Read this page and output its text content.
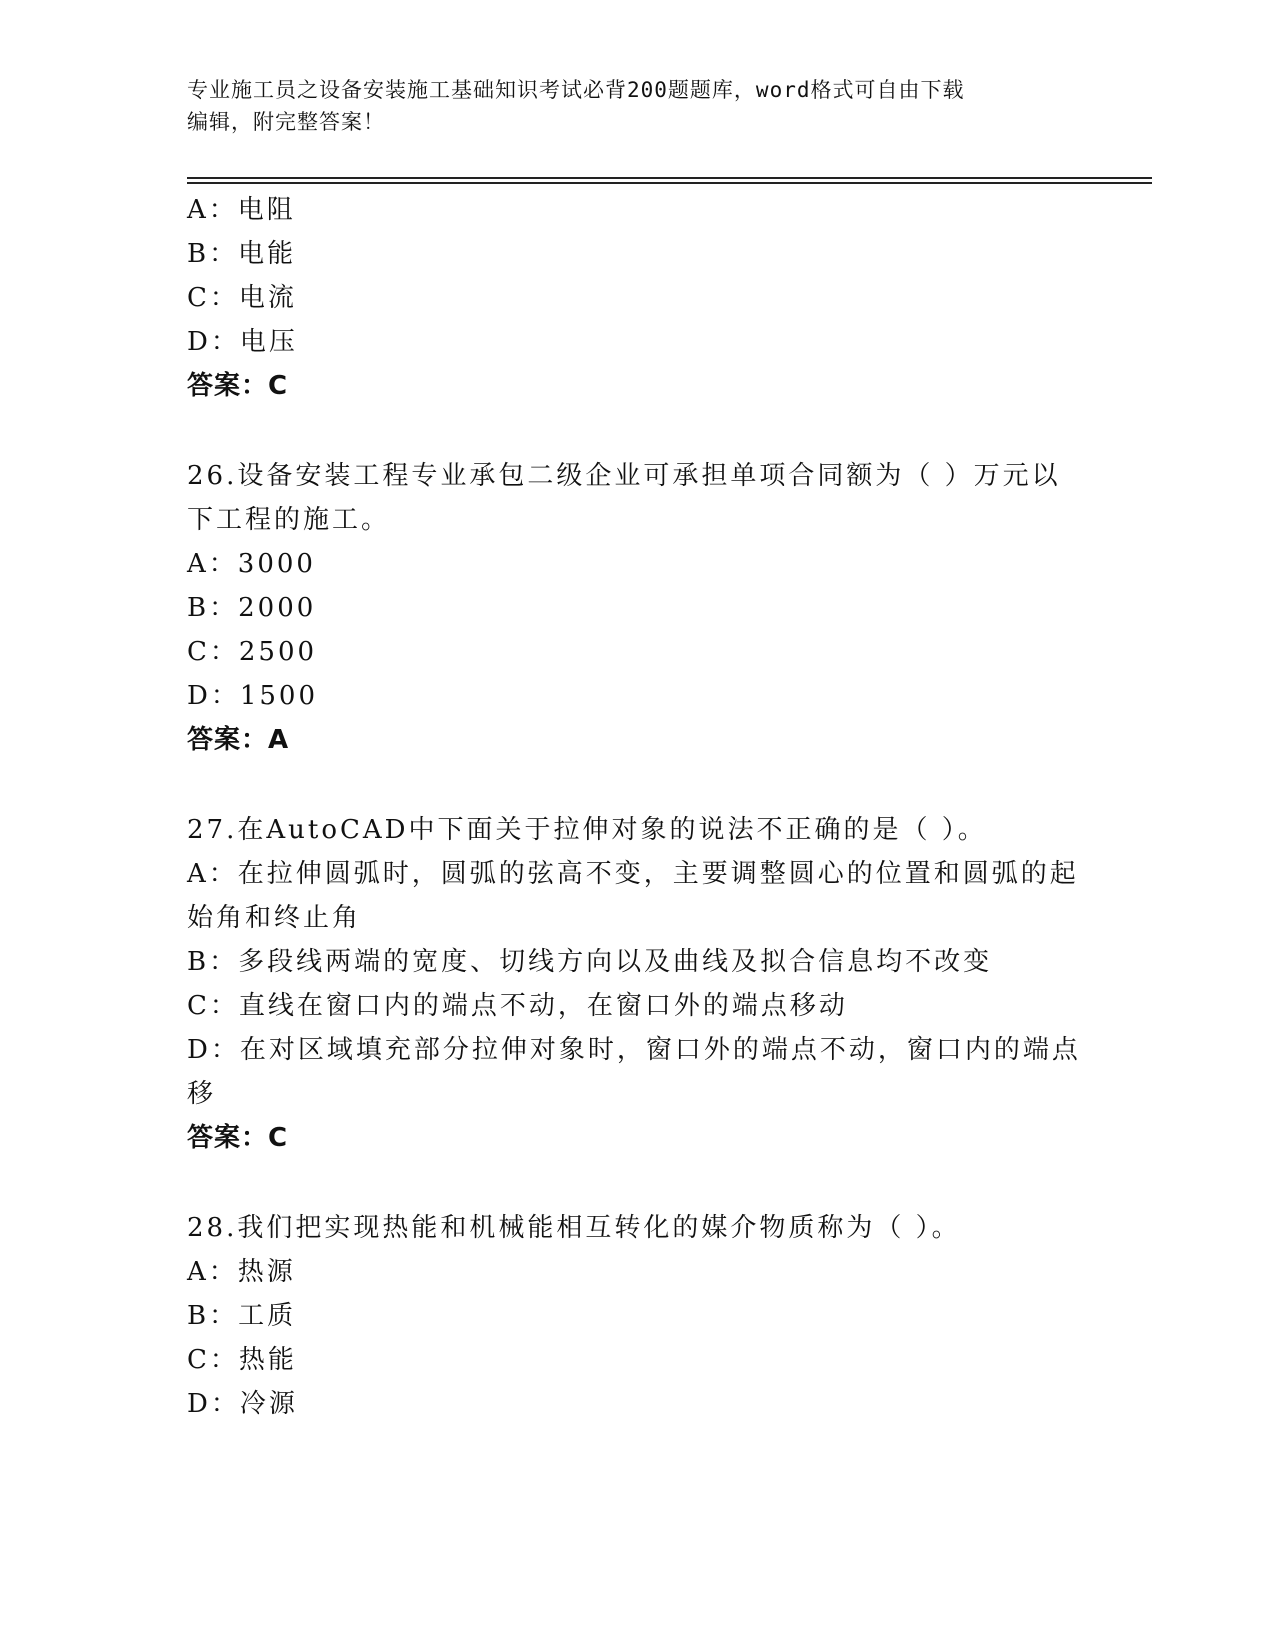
专业施工员之设备安装施工基础知识考试必背200题题库，word格式可自由下载
编辑，附完整答案！
A：电阻
B：电能
C：电流
D：电压
答案：C
26.设备安装工程专业承包二级企业可承担单项合同额为（ ）万元以
下工程的施工。
A：3000
B：2000
C：2500
D：1500
答案：A
27.在AutoCAD中下面关于拉伸对象的说法不正确的是（ ）。
A：在拉伸圆弧时，圆弧的弦高不变，主要调整圆心的位置和圆弧的起
始角和终止角
B：多段线两端的宽度、切线方向以及曲线及拟合信息均不改变
C：直线在窗口内的端点不动，在窗口外的端点移动
D：在对区域填充部分拉伸对象时，窗口外的端点不动，窗口内的端点
移
答案：C
28.我们把实现热能和机械能相互转化的媒介物质称为（ ）。
A：热源
B：工质
C：热能
D：冷源
